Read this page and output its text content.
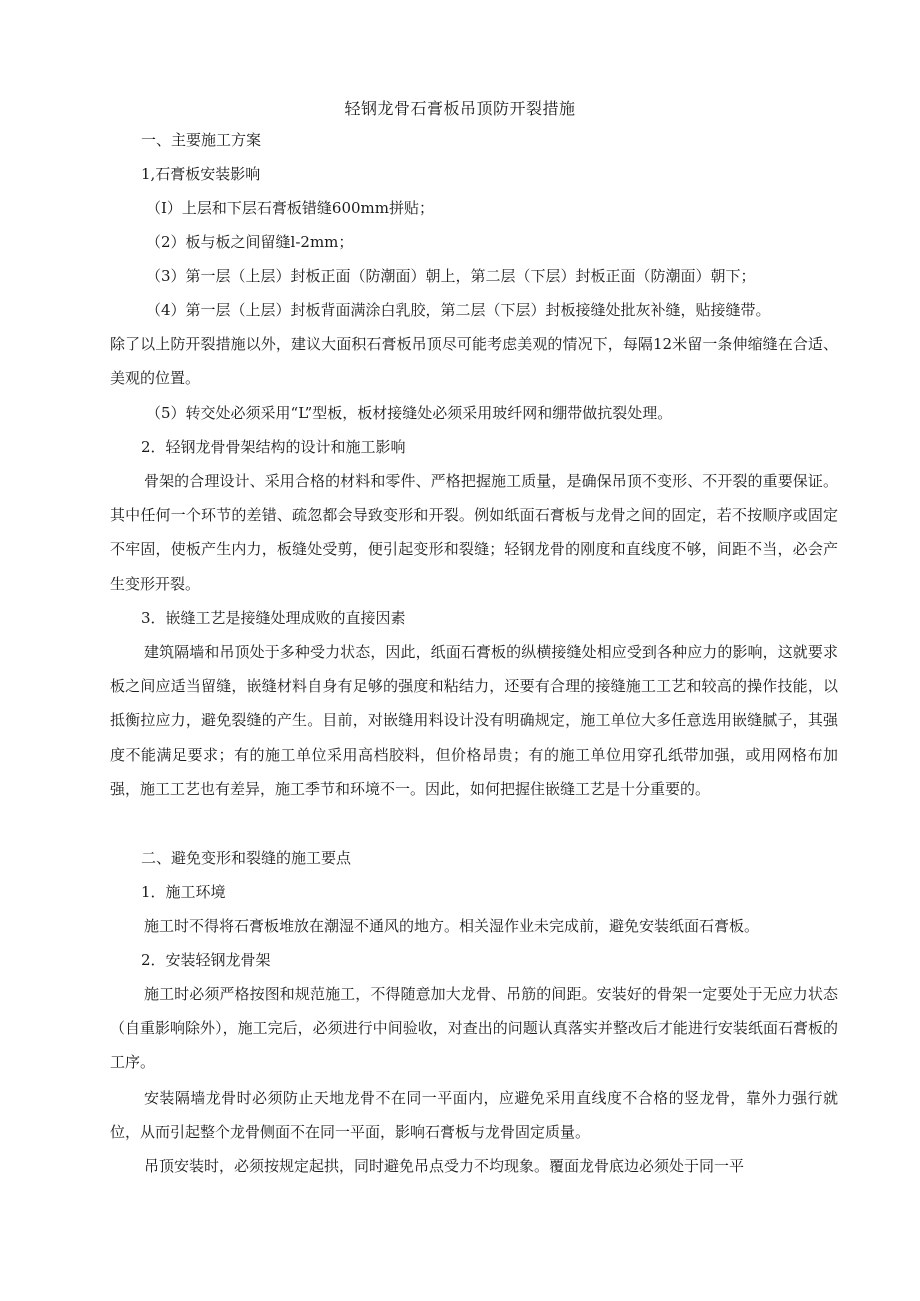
轻钢龙骨石膏板吊顶防开裂措施
一、主要施工方案
1,石膏板安装影响
（I）上层和下层石膏板错缝600mm拼贴；
（2）板与板之间留缝l-2mm；
（3）第一层（上层）封板正面（防潮面）朝上，第二层（下层）封板正面（防潮面）朝下；
（4）第一层（上层）封板背面满涂白乳胶，第二层（下层）封板接缝处批灰补缝，贴接缝带。

除了以上防开裂措施以外，建议大面积石膏板吊顶尽可能考虑美观的情况下，每隔12米留一条伸缩缝在合适、美观的位置。

（5）转交处必须采用“L”型板，板材接缝处必须采用玻纤网和绷带做抗裂处理。
2．轻钢龙骨骨架结构的设计和施工影响

骨架的合理设计、采用合格的材料和零件、严格把握施工质量，是确保吊顶不变形、不开裂的重要保证。其中任何一个环节的差错、疏忽都会导致变形和开裂。例如纸面石膏板与龙骨之间的固定，若不按顺序或固定不牢固，使板产生内力，板缝处受剪，便引起变形和裂缝；轻钢龙骨的刚度和直线度不够，间距不当，必会产生变形开裂。

3．嵌缝工艺是接缝处理成败的直接因素

建筑隔墙和吊顶处于多种受力状态，因此，纸面石膏板的纵横接缝处相应受到各种应力的影响，这就要求板之间应适当留缝，嵌缝材料自身有足够的强度和粘结力，还要有合理的接缝施工工艺和较高的操作技能，以抵衡拉应力，避免裂缝的产生。目前，对嵌缝用料设计没有明确规定，施工单位大多任意选用嵌缝腻子，其强度不能满足要求；有的施工单位采用高档胶料，但价格昂贵；有的施工单位用穿孔纸带加强，或用网格布加强，施工工艺也有差异，施工季节和环境不一。因此，如何把握住嵌缝工艺是十分重要的。

二、避免变形和裂缝的施工要点
1．施工环境

施工时不得将石膏板堆放在潮湿不通风的地方。相关湿作业未完成前，避免安装纸面石膏板。

2．安装轻钢龙骨架

施工时必须严格按图和规范施工，不得随意加大龙骨、吊筋的间距。安装好的骨架一定要处于无应力状态（自重影响除外），施工完后，必须进行中间验收，对查出的问题认真落实并整改后才能进行安装纸面石膏板的工序。

安装隔墙龙骨时必须防止天地龙骨不在同一平面内，应避免采用直线度不合格的竖龙骨，靠外力强行就位，从而引起整个龙骨侧面不在同一平面，影响石膏板与龙骨固定质量。

吊顶安装时，必须按规定起拱，同时避免吊点受力不均现象。覆面龙骨底边必须处于同一平
